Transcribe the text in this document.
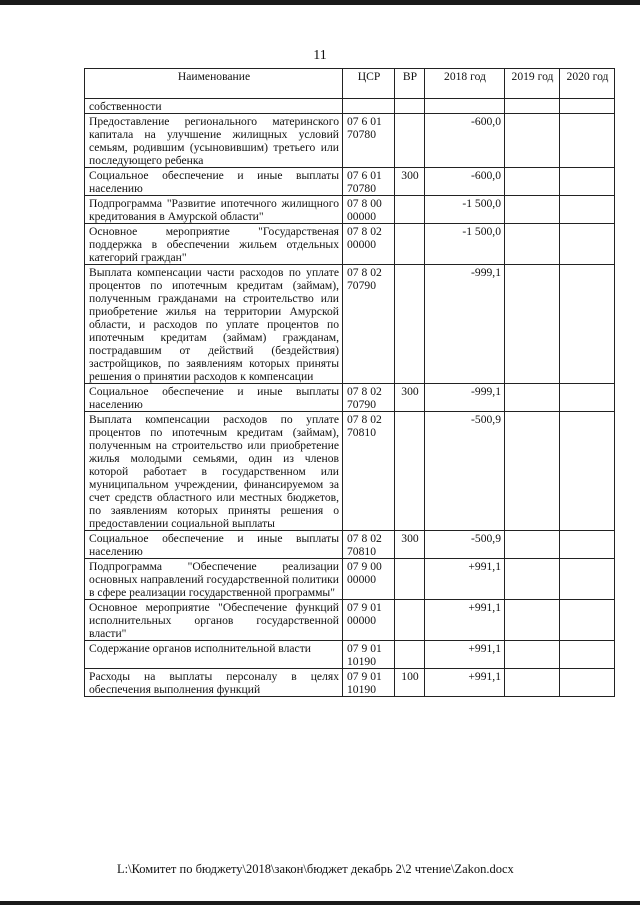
11
Наименование	ЦСР	ВР	2018 год	2019 год	2020 год
собственности					
Предоставление регионального материнского капитала на улучшение жилищных условий семьям, родившим (усыновившим) третьего или последующего ребенка	07 6 01 70780		-600,0		
Социальное обеспечение и иные выплаты населению	07 6 01 70780	300	-600,0		
Подпрограмма "Развитие ипотечного жилищного кредитования в Амурской области"	07 8 00 00000		-1 500,0		
Основное мероприятие "Государственая поддержка в обеспечении жильем отдельных категорий граждан"	07 8 02 00000		-1 500,0		
Выплата компенсации части расходов по уплате процентов по ипотечным кредитам (займам), полученным гражданами на строительство или приобретение жилья на территории Амурской области, и расходов по уплате процентов по ипотечным кредитам (займам) гражданам, пострадавшим от действий (бездействия) застройщиков, по заявлениям которых приняты решения о принятии расходов к компенсации	07 8 02 70790		-999,1		
Социальное обеспечение и иные выплаты населению	07 8 02 70790	300	-999,1		
Выплата компенсации расходов по уплате процентов по ипотечным кредитам (займам), полученным на строительство или приобретение жилья молодыми семьями, один из членов которой работает в государственном или муниципальном учреждении, финансируемом за счет средств областного или местных бюджетов, по заявлениям которых приняты решения о предоставлении социальной выплаты	07 8 02 70810		-500,9		
Социальное обеспечение и иные выплаты населению	07 8 02 70810	300	-500,9		
Подпрограмма "Обеспечение реализации основных направлений государственной политики в сфере реализации государственной программы"	07 9 00 00000		+991,1		
Основное мероприятие "Обеспечение функций исполнительных органов государственной власти"	07 9 01 00000		+991,1		
Содержание органов исполнительной власти	07 9 01 10190		+991,1		
Расходы на выплаты персоналу в целях обеспечения выполнения функций	07 9 01 10190	100	+991,1		
L:\Комитет по бюджету\2018\закон\бюджет декабрь 2\2 чтение\Zakon.docx
